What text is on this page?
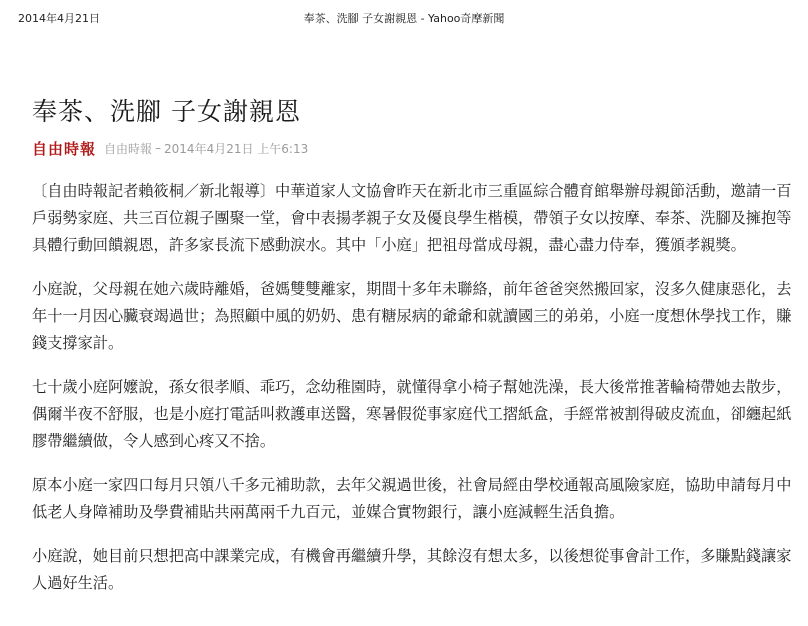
2014年4月21日	奉茶、洗腳 子女謝親恩 - Yahoo奇摩新聞
奉茶、洗腳 子女謝親恩
自由時報 自由時報 – 2014年4月21日 上午6:13

〔自由時報記者賴筱桐／新北報導〕中華道家人文協會昨天在新北市三重區綜合體育館舉辦母親節活動，邀請一百戶弱勢家庭、共三百位親子團聚一堂，會中表揚孝親子女及優良學生楷模，帶領子女以按摩、奉茶、洗腳及擁抱等具體行動回饋親恩，許多家長流下感動淚水。其中「小庭」把祖母當成母親，盡心盡力侍奉，獲頒孝親獎。

小庭說，父母親在她六歲時離婚，爸媽雙雙離家，期間十多年未聯絡，前年爸爸突然搬回家，沒多久健康惡化，去年十一月因心臟衰竭過世；為照顧中風的奶奶、患有糖尿病的爺爺和就讀國三的弟弟，小庭一度想休學找工作，賺錢支撐家計。

七十歲小庭阿嬤說，孫女很孝順、乖巧，念幼稚園時，就懂得拿小椅子幫她洗澡，長大後常推著輪椅帶她去散步，偶爾半夜不舒服，也是小庭打電話叫救護車送醫，寒暑假從事家庭代工摺紙盒，手經常被割得破皮流血，卻纏起紙膠帶繼續做，令人感到心疼又不捨。

原本小庭一家四口每月只領八千多元補助款，去年父親過世後，社會局經由學校通報高風險家庭，協助申請每月中低老人身障補助及學費補貼共兩萬兩千九百元，並媒合實物銀行，讓小庭減輕生活負擔。

小庭說，她目前只想把高中課業完成，有機會再繼續升學，其餘沒有想太多，以後想從事會計工作，多賺點錢讓家人過好生活。
